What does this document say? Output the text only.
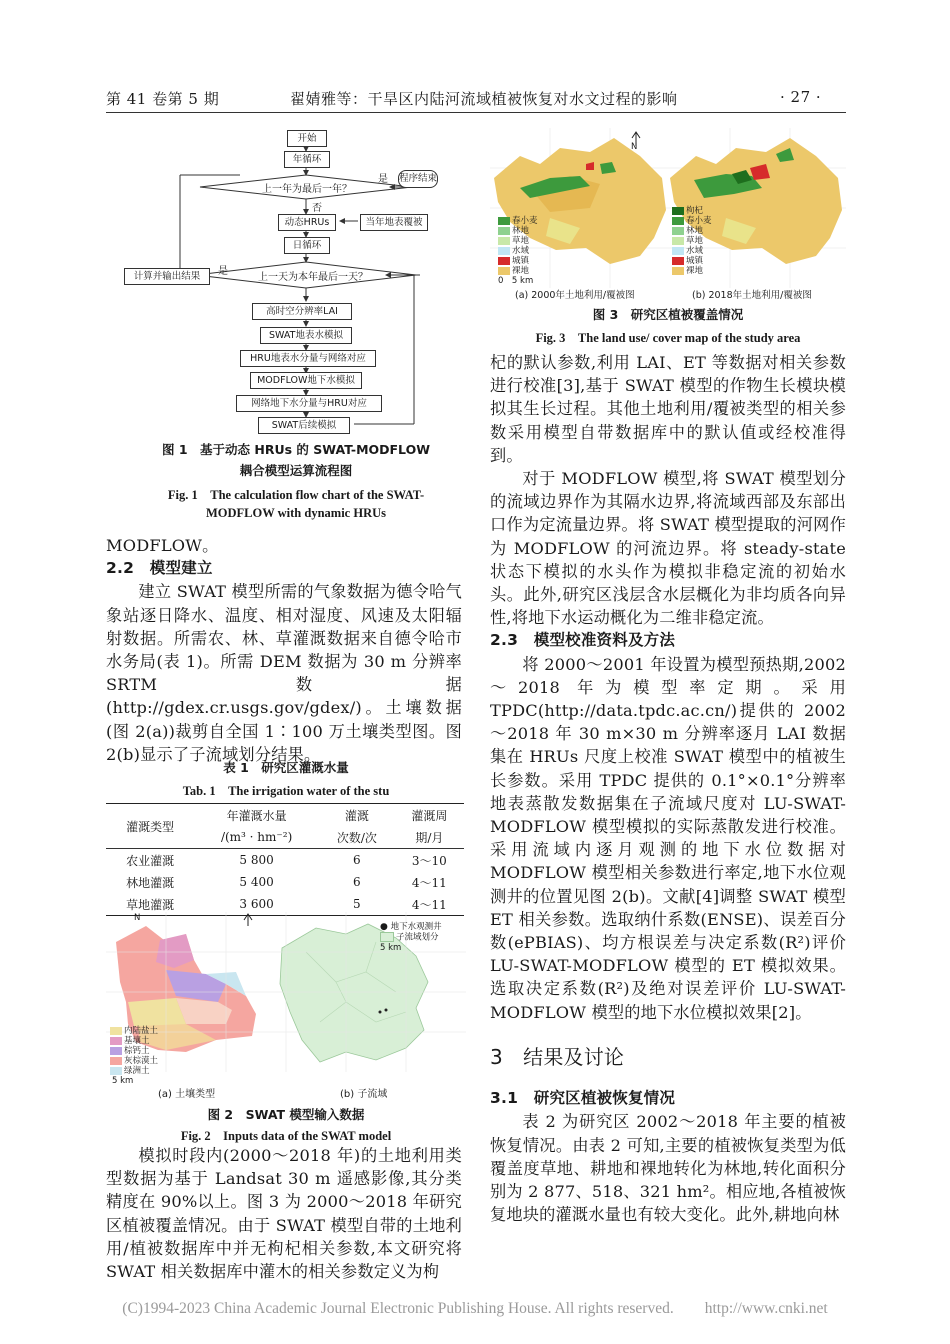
第 41 卷第 5 期	翟婧雅等：干旱区内陆河流域植被恢复对水文过程的影响	· 27 ·
开始
年循环
上一年为最后一年？
是 程序结束
否
动态HRUs	当年地表覆被
日循环
上一天为本年最后一天？
是
计算并输出结果
高时空分辨率LAI
SWAT地表水模拟
HRU地表水分量与网络对应
MODFLOW地下水模拟
网络地下水分量与HRU对应
SWAT后续模拟
图 1　基于动态 HRUs 的 SWAT-MODFLOW
耦合模型运算流程图
Fig. 1　The calculation flow chart of the SWAT-
MODFLOW with dynamic HRUs

MODFLOW。

2.2　模型建立

建立 SWAT 模型所需的气象数据为德令哈气象站逐日降水、温度、相对湿度、风速及太阳辐射数据。所需农、林、草灌溉数据来自德令哈市水务局(表 1)。所需 DEM 数据为 30 m 分辨率 SRTM 数据(http://gdex.cr.usgs.gov/gdex/)。土壤数据(图 2(a))裁剪自全国 1∶100 万土壤类型图。图 2(b)显示了子流域划分结果。

表 1　研究区灌溉水量
Tab. 1　The irrigation water of the stu
灌溉类型	年灌溉水量	灌溉	灌溉周
	/(m³ · hm⁻²)	次数/次	期/月
农业灌溉	5 800	6	3～10
林地灌溉	5 400	6	4～11
草地灌溉	3 600	5	4～11
N
内陆盐土
基壤土
棕钙土
灰棕漠土
绿洲土
5 km
● 地下水观测井
子流域划分
5 km
(a) 土壤类型	(b) 子流域
图 2　SWAT 模型输入数据
Fig. 2　Inputs data of the SWAT model

模拟时段内(2000～2018 年)的土地利用类型数据为基于 Landsat 30 m 遥感影像,其分类精度在 90%以上。图 3 为 2000～2018 年研究区植被覆盖情况。由于 SWAT 模型自带的土地利用/植被数据库中并无枸杞相关参数,本文研究将 SWAT 相关数据库中灌木的相关参数定义为枸

N
春小麦
林地
草地
水域
城镇
裸地
0　5 km
枸杞
春小麦
林地
草地
水域
城镇
裸地
(a) 2000年土地利用/覆被图	(b) 2018年土地利用/覆被图
图 3　研究区植被覆盖情况
Fig. 3　The land use/ cover map of the study area

杞的默认参数,利用 LAI、ET 等数据对相关参数进行校准[3],基于 SWAT 模型的作物生长模块模拟其生长过程。其他土地利用/覆被类型的相关参数采用模型自带数据库中的默认值或经校准得到。

对于 MODFLOW 模型,将 SWAT 模型划分的流域边界作为其隔水边界,将流域西部及东部出口作为定流量边界。将 SWAT 模型提取的河网作为 MODFLOW 的河流边界。将 steady-state 状态下模拟的水头作为模拟非稳定流的初始水头。此外,研究区浅层含水层概化为非均质各向异性,将地下水运动概化为二维非稳定流。

2.3　模型校准资料及方法

将 2000～2001 年设置为模型预热期,2002～2018 年为模型率定期。采用 TPDC(http://data.tpdc.ac.cn/)提供的 2002～2018 年 30 m×30 m 分辨率逐月 LAI 数据集在 HRUs 尺度上校准 SWAT 模型中的植被生长参数。采用 TPDC 提供的 0.1°×0.1°分辨率地表蒸散发数据集在子流域尺度对 LU-SWAT-MODFLOW 模型模拟的实际蒸散发进行校准。采用流域内逐月观测的地下水位数据对 MODFLOW 模型相关参数进行率定,地下水位观测井的位置见图 2(b)。文献[4]调整 SWAT 模型 ET 相关参数。选取纳什系数(ENSE)、误差百分数(ePBIAS)、均方根误差与决定系数(R²)评价 LU-SWAT-MODFLOW 模型的 ET 模拟效果。选取决定系数(R²)及绝对误差评价 LU-SWAT-MODFLOW 模型的地下水位模拟效果[2]。

3　结果及讨论

3.1　研究区植被恢复情况

表 2 为研究区 2002～2018 年主要的植被恢复情况。由表 2 可知,主要的植被恢复类型为低覆盖度草地、耕地和裸地转化为林地,转化面积分别为 2 877、518、321 hm²。相应地,各植被恢复地块的灌溉水量也有较大变化。此外,耕地向林

(C)1994-2023 China Academic Journal Electronic Publishing House. All rights reserved.　　http://www.cnki.net
